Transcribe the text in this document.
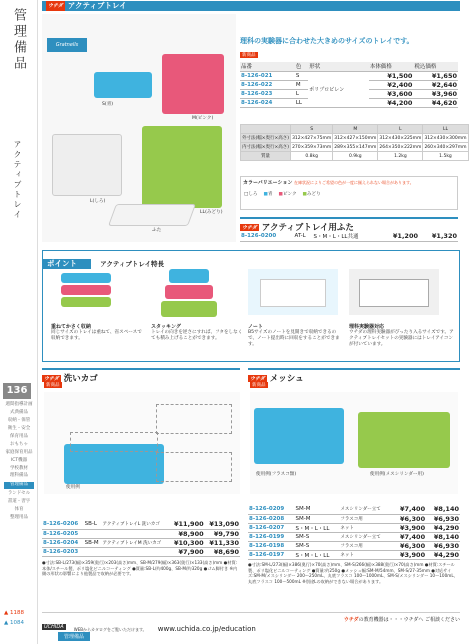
管理備品
アクティブトレイ
136
週間指導計画
式典備品
収納・保管
衛生・安全
保育用品
おもちゃ
家庭保育用品
ICT機器
学校教材
理科備品
管理備品
ランドセル
書道・習字
体育
整理用品
▲ 1188
▲ 1084
ウチダ アクティブトレイ
Gratnells
S(青)
M(ピンク)
L(しろ)
LL(みどり)
ふた
理科の実験器に合わせた大きめのサイズのトレイです。
新商品
品番	色	形状	本体価格	税込価格
8-126-021	S	ポリプロピレン	¥1,500	¥1,650
8-126-022	M		¥2,400	¥2,640
8-126-023	L		¥3,600	¥3,960
8-126-024	LL		¥4,200	¥4,620
	S	M	L	LL
外寸法(幅×奥行×高さ)	312×427×75mm	312×427×150mm	312×430×225mm	312×430×300mm
内寸法(幅×奥行×高さ)	270×359×73mm	289×355×147mm	264×350×222mm	260×340×297mm
質量	0.8kg	0.9kg	1.2kg	1.5kg
カラーバリエーション 在庫状況によりご希望の色が一度に揃えられない場合があります。
□しろ ■青 ■ピンク ■みどり
ウチダ アクティブトレイ用ふた
8-126-0200	AT-L	S・M・L・LL共通	¥1,200	¥1,320
ポイント	アクティブトレイ特長
重ねてかさく収納
同じサイズのトレイは重ねて、省スペースで収納できます。
スタッキング
トレイの向きを逆さにすれば、フタをしなくても積み上げることができます。
ノート
B5サイズのノートを見開きで収納できるので、ノート提出時に回収をすることができます。
理科実験器対応
ウチダの理科実験器がぴったり入るサイズです。アクティブトレイセットの実験器にはトレイアイコンが付いています。
ウチダ 洗いカゴ
新商品
使用例
8-126-0206	SB-L	アクティブトレイL 洗いカゴ	¥11,900	¥13,090
8-126-0205			¥8,900	¥9,790
8-126-0204	SB-M	アクティブトレイM 洗いカゴ	¥10,300	¥11,330
8-126-0203			¥7,900	¥8,690
●寸法:SB-L/273(幅)×359(奥行)×203(高さ)mm、SB-M/279(幅)×363(奥行)×133(高さ)mm ●材質:本体/スチール製、ポリ塩化ビニルコーティング ●質量:SB-L/約400g、SB-M/約320g ●ゴム脚付き ※内側の形状の影響により他製品で収納が必要です。
ウチダ メッシュ
新商品
使用例(フラスコ類)	使用例(メスシリンダー用)
8-126-0209	SM-M	メスシリンダー立て	¥7,400	¥8,140
8-126-0208	SM-M	フラスコ用	¥6,300	¥6,930
8-126-0207	S・M・L・LL	ネット	¥3,900	¥4,290
8-126-0199	SM-S	メスシリンダー立て	¥7,400	¥8,140
8-126-0198	SM-S	フラスコ用	¥6,300	¥6,930
8-126-0197	S・M・L・LL	ネット	¥3,900	¥4,290
●寸法:SM-L/273(幅)×386(奥行)×70(高さ)mm、SM-S/266(幅)×388(奥行)×70(高さ)mm ●材質:スチール製、ポリ塩化ビニルコーティング ●質量:約250g ●メッシュ幅:SM-M/54mm、SM-S/27-35mm ●対応サイズ:SM-M/メスシリンダー 200〜250mL、丸底フラスコ 100〜1000mL、SM-S/メスシリンダー 10〜100mL、丸底フラスコ 100〜500mL ※別途Lの収納ができない場合があります。
UCHIDA	WEBからカタログをご覧いただけます。 www.uchida.co.jp/education
ウチダの教育機器は・・・ウチダへ ご相談ください
管理備品
